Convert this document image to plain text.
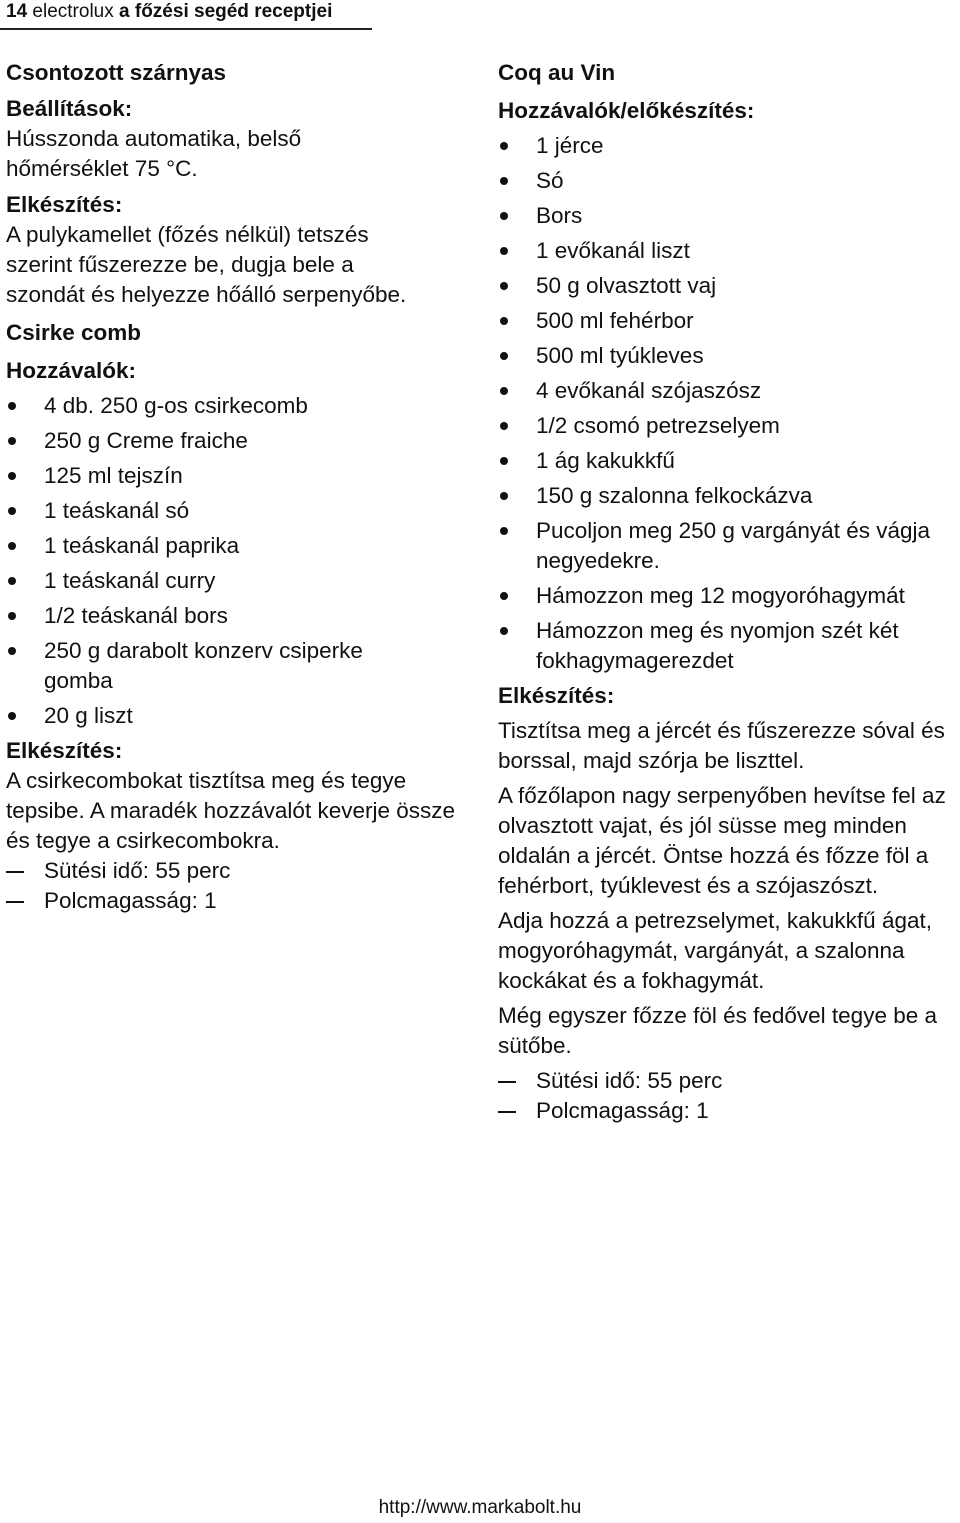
14 electrolux a főzési segéd receptjei
Csontozott szárnyas
Beállítások:
Hússzonda automatika, belső hőmérséklet 75 °C.
Elkészítés:
A pulykamellet (főzés nélkül) tetszés szerint fűszerezze be, dugja bele a szondát és helyezze hőálló serpenyőbe.
Csirke comb
Hozzávalók:
4 db. 250 g-os csirkecomb
250 g Creme fraiche
125 ml tejszín
1 teáskanál só
1 teáskanál paprika
1 teáskanál curry
1/2 teáskanál bors
250 g darabolt konzerv csiperke gomba
20 g liszt
Elkészítés:
A csirkecombokat tisztítsa meg és tegye tepsibe. A maradék hozzávalót keverje össze és tegye a csirkecombokra.
Sütési idő: 55 perc
Polcmagasság: 1
Coq au Vin
Hozzávalók/előkészítés:
1 jérce
Só
Bors
1 evőkanál liszt
50 g olvasztott vaj
500 ml fehérbor
500 ml tyúkleves
4 evőkanál szójaszósz
1/2 csomó petrezselyem
1 ág kakukkfű
150 g szalonna felkockázva
Pucoljon meg 250 g vargányát és vágja negyedekre.
Hámozzon meg 12 mogyoróhagymát
Hámozzon meg és nyomjon szét két fokhagymagerezdet
Elkészítés:
Tisztítsa meg a jércét és fűszerezze sóval és borssal, majd szórja be liszttel.
A főzőlapon nagy serpenyőben hevítse fel az olvasztott vajat, és jól süsse meg minden oldalán a jércét. Öntse hozzá és főzze föl a fehérbort, tyúklevest és a szójaszószt.
Adja hozzá a petrezselymet, kakukkfű ágat, mogyoróhagymát, vargányát, a szalonna kockákat és a fokhagymát.
Még egyszer főzze föl és fedővel tegye be a sütőbe.
Sütési idő: 55 perc
Polcmagasság: 1
http://www.markabolt.hu
